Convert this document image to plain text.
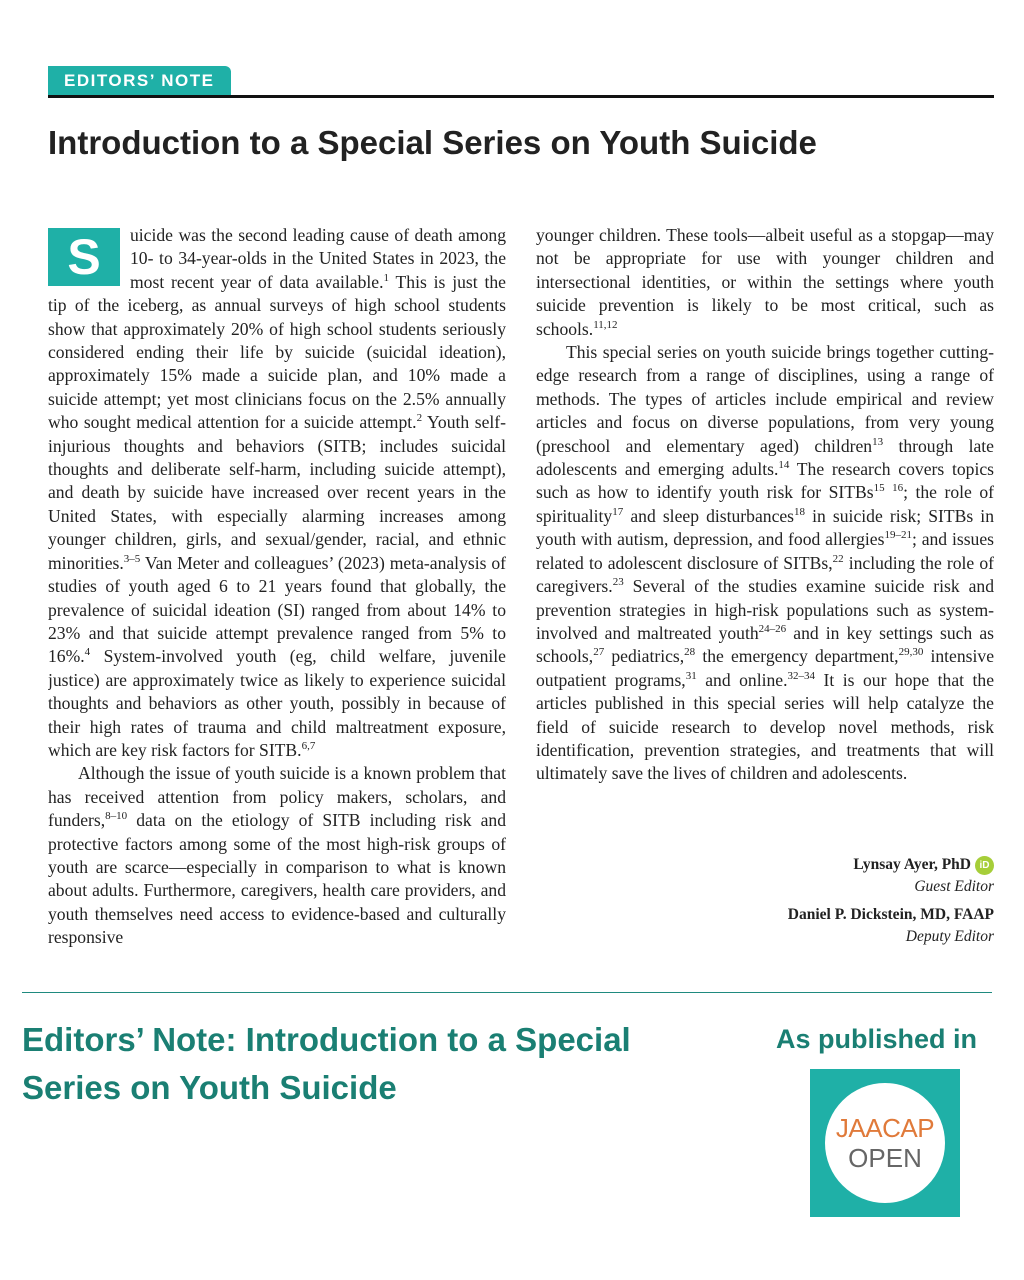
EDITORS’ NOTE
Introduction to a Special Series on Youth Suicide

S	uicide was the second leading cause of death among 10- to 34-year-olds in the United States in 2023, the most recent year of data available.$^1$ This is just the tip of the iceberg, as annual surveys of high school students show that approximately 20% of high school students seriously considered ending their life by suicide (suicidal ideation), approximately 15% made a suicide plan, and 10% made a suicide attempt; yet most clinicians focus on the 2.5% annually who sought medical attention for a suicide attempt.$^2$ Youth self-injurious thoughts and behaviors (SITB; includes suicidal thoughts and deliberate self-harm, including suicide attempt), and death by suicide have increased over recent years in the United States, with especially alarming increases among younger children, girls, and sexual/gender, racial, and ethnic minorities.$^{3-5}$ Van Meter and colleagues’ (2023) meta-analysis of studies of youth aged 6 to 21 years found that globally, the prevalence of suicidal ideation (SI) ranged from about 14% to 23% and that suicide attempt prevalence ranged from 5% to 16%.$^4$ System-involved youth (eg, child welfare, juvenile justice) are approximately twice as likely to experience suicidal thoughts and behaviors as other youth, possibly in because of their high rates of trauma and child maltreatment exposure, which are key risk factors for SITB.$^{6,7}$

Although the issue of youth suicide is a known problem that has received attention from policy makers, scholars, and funders,$^{8-10}$ data on the etiology of SITB including risk and protective factors among some of the most high-risk groups of youth are scarce—especially in comparison to what is known about adults. Furthermore, caregivers, health care providers, and youth themselves need access to evidence-based and culturally responsive

younger children. These tools—albeit useful as a stopgap—may not be appropriate for use with younger children and intersectional identities, or within the settings where youth suicide prevention is likely to be most critical, such as schools.$^{11,12}$

This special series on youth suicide brings together cutting-edge research from a range of disciplines, using a range of methods. The types of articles include empirical and review articles and focus on diverse populations, from very young (preschool and elementary aged) children$^{13}$ through late adolescents and emerging adults.$^{14}$ The research covers topics such as how to identify youth risk for SITBs$^{15}$ $^{16}$; the role of spirituality$^{17}$ and sleep disturbances$^{18}$ in suicide risk; SITBs in youth with autism, depression, and food allergies$^{19-21}$; and issues related to adolescent disclosure of SITBs,$^{22}$ including the role of caregivers.$^{23}$ Several of the studies examine suicide risk and prevention strategies in high-risk populations such as system-involved and maltreated youth$^{24-26}$ and in key settings such as schools,$^{27}$ pediatrics,$^{28}$ the emergency department,$^{29,30}$ intensive outpatient programs,$^{31}$ and online.$^{32-34}$ It is our hope that the articles published in this special series will help catalyze the field of suicide research to develop novel methods, risk identification, prevention strategies, and treatments that will ultimately save the lives of children and adolescents.

Lynsay Ayer, PhD iD
Guest Editor
Daniel P. Dickstein, MD, FAAP
Deputy Editor
Editors’ Note: Introduction to a Special Series on Youth Suicide
As published in
JAACAP
OPEN
